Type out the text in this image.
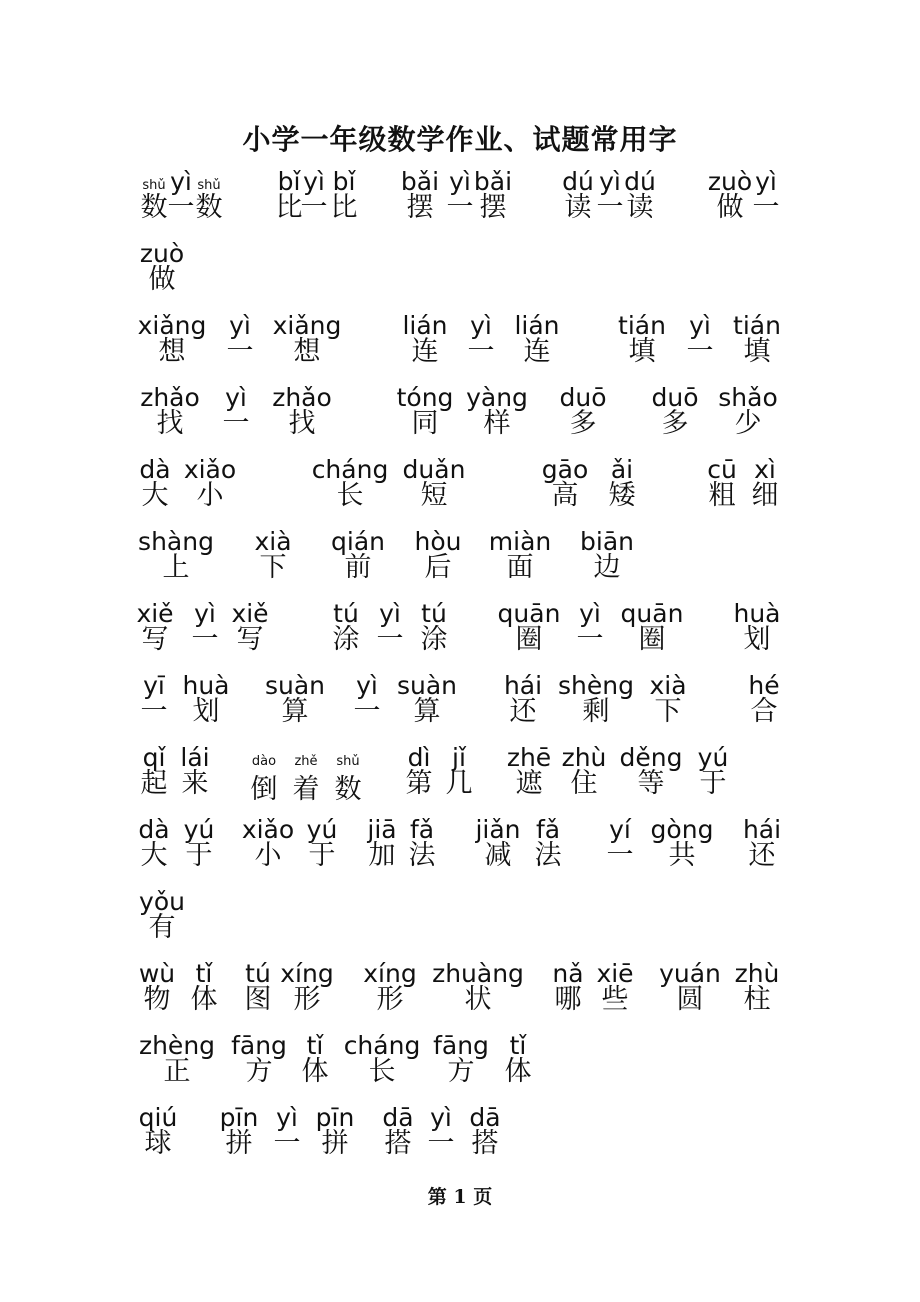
小学一年级数学作业、试题常用字
shǔ
数
yì
一
shǔ
数
bǐ
比
yì
一
bǐ
比
bǎi
摆
yì
一
bǎi
摆
dú
读
yì
一
dú
读
zuò
做
yì
一
zuò
做
xiǎng
想
yì
一
xiǎng
想
lián
连
yì
一
lián
连
tián
填
yì
一
tián
填
zhǎo
找
yì
一
zhǎo
找
tóng
同
yàng
样
duō
多
duō
多
shǎo
少
dà
大
xiǎo
小
cháng
长
duǎn
短
gāo
高
ǎi
矮
cū
粗
xì
细
shàng
上
xià
下
qián
前
hòu
后
miàn
面
biān
边
xiě
写
yì
一
xiě
写
tú
涂
yì
一
tú
涂
quān
圈
yì
一
quān
圈
huà
划
yī
一
huà
划
suàn
算
yì
一
suàn
算
hái
还
shèng
剩
xià
下
hé
合
qǐ
起
lái
来
dào
倒
zhě
着
shǔ
数
dì
第
jǐ
几
zhē
遮
zhù
住
děng
等
yú
于
dà
大
yú
于
xiǎo
小
yú
于
jiā
加
fǎ
法
jiǎn
减
fǎ
法
yí
一
gòng
共
hái
还
yǒu
有
wù
物
tǐ
体
tú
图
xíng
形
xíng
形
zhuàng
状
nǎ
哪
xiē
些
yuán
圆
zhù
柱
zhèng
正
fāng
方
tǐ
体
cháng
长
fāng
方
tǐ
体
qiú
球
pīn
拼
yì
一
pīn
拼
dā
搭
yì
一
dā
搭
第 1 页
